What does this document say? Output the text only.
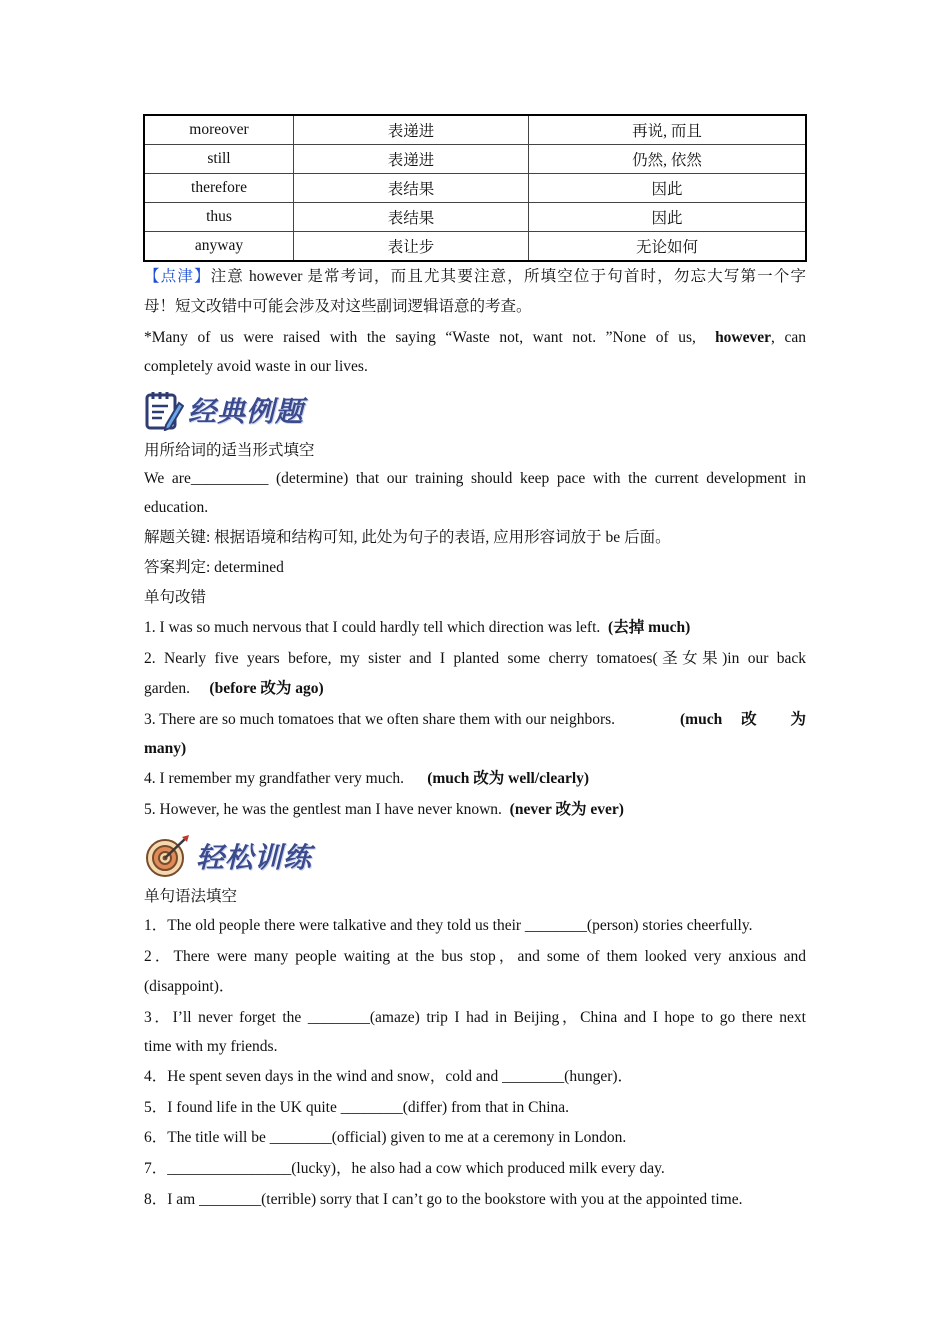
moreover	表递进	再说, 而且
still	表递进	仍然, 依然
therefore	表结果	因此
thus	表结果	因此
anyway	表让步	无论如何
【点津】注意 however 是常考词，而且尤其要注意，所填空位于句首时，勿忘大写第一个字
母！短文改错中可能会涉及对这些副词逻辑语意的考查。
*Many of us were raised with the saying “Waste not, want not. ”None of us, however, can
completely avoid waste in our lives.
经典例题
用所给词的适当形式填空
We are__________ (determine) that our training should keep pace with the current development in
education.
解题关键: 根据语境和结构可知, 此处为句子的表语, 应用形容词放于 be 后面。
答案判定: determined
单句改错
1. I was so much nervous that I could hardly tell which direction was left. (去掉 much)
2. Nearly five years before, my sister and I planted some cherry tomatoes(圣女果)in our back
garden. (before 改为 ago)
3. There are so much tomatoes that we often share them with our neighbors.	(much 改 为
many)
4. I remember my grandfather very much. (much 改为 well/clearly)
5. However, he was the gentlest man I have never known. (never 改为 ever)
轻松训练
单句语法填空
1．The old people there were talkative and they told us their ________(person) stories cheerfully.
2．There were many people waiting at the bus stop，and some of them looked very anxious and
(disappoint)．
3．I’ll never forget the ________(amaze) trip I had in Beijing，China and I hope to go there next
time with my friends.
4．He spent seven days in the wind and snow，cold and ________(hunger)．
5．I found life in the UK quite ________(differ) from that in China.
6．The title will be ________(official) given to me at a ceremony in London.
7．________________(lucky)，he also had a cow which produced milk every day.
8．I am ________(terrible) sorry that I can’t go to the bookstore with you at the appointed time.
